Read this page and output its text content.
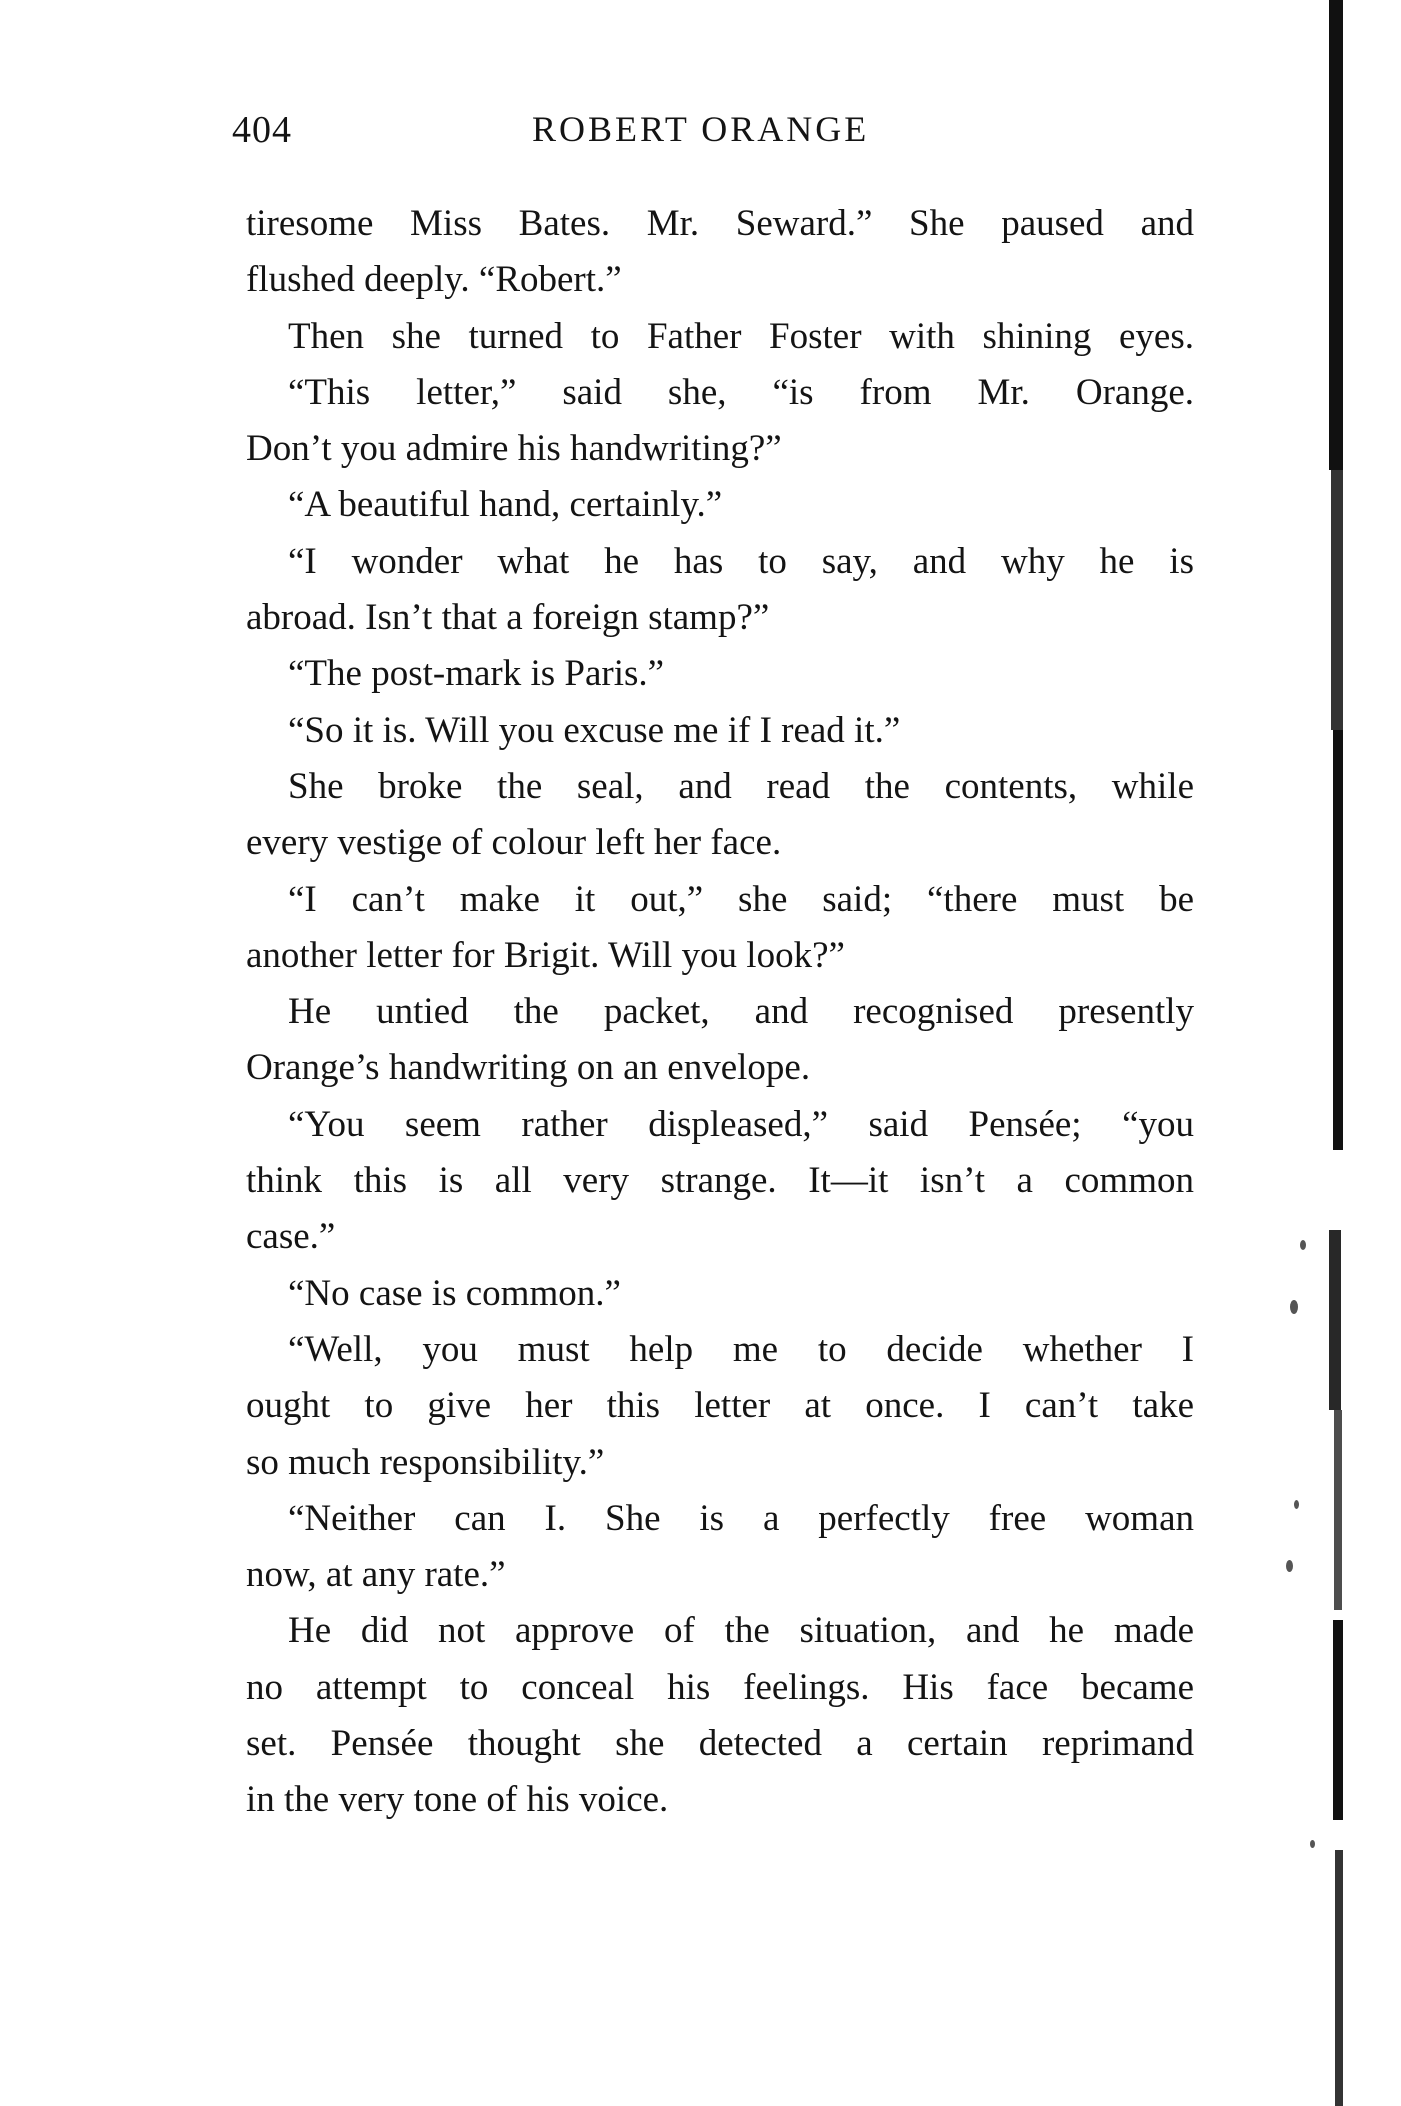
404	ROBERT ORANGE
tiresome Miss Bates. Mr. Seward.” She paused and
flushed deeply. “Robert.”
Then she turned to Father Foster with shining eyes.
“This letter,” said she, “is from Mr. Orange.
Don’t you admire his handwriting?”
“A beautiful hand, certainly.”
“I wonder what he has to say, and why he is
abroad. Isn’t that a foreign stamp?”
“The post-mark is Paris.”
“So it is. Will you excuse me if I read it.”
She broke the seal, and read the contents, while
every vestige of colour left her face.
“I can’t make it out,” she said; “there must be
another letter for Brigit. Will you look?”
He untied the packet, and recognised presently
Orange’s handwriting on an envelope.
“You seem rather displeased,” said Pensée; “you
think this is all very strange. It—it isn’t a common
case.”
“No case is common.”
“Well, you must help me to decide whether I
ought to give her this letter at once. I can’t take
so much responsibility.”
“Neither can I. She is a perfectly free woman
now, at any rate.”
He did not approve of the situation, and he made
no attempt to conceal his feelings. His face became
set. Pensée thought she detected a certain reprimand
in the very tone of his voice.
